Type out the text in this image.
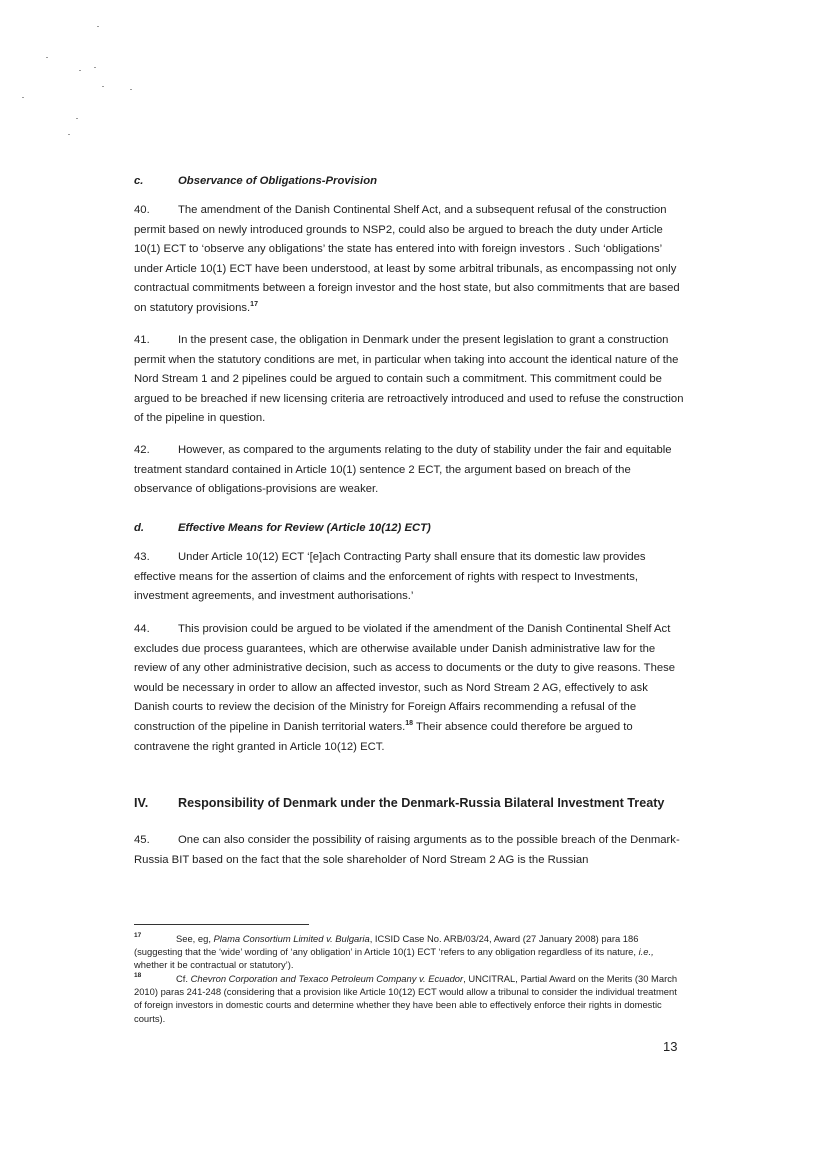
c.	Observance of Obligations-Provision

40.	The amendment of the Danish Continental Shelf Act, and a subsequent refusal of the construction permit based on newly introduced grounds to NSP2, could also be argued to breach the duty under Article 10(1) ECT to ‘observe any obligations’ the state has entered into with foreign investors . Such ‘obligations’ under Article 10(1) ECT have been understood, at least by some arbitral tribunals, as encompassing not only contractual commitments between a foreign investor and the host state, but also commitments that are based on statutory provisions.$^{17}$

41.	In the present case, the obligation in Denmark under the present legislation to grant a construction permit when the statutory conditions are met, in particular when taking into account the identical nature of the Nord Stream 1 and 2 pipelines could be argued to contain such a commitment. This commitment could be argued to be breached if new licensing criteria are retroactively introduced and used to refuse the construction of the pipeline in question.

42.	However, as compared to the arguments relating to the duty of stability under the fair and equitable treatment standard contained in Article 10(1) sentence 2 ECT, the argument based on breach of the observance of obligations-provisions are weaker.

d.	Effective Means for Review (Article 10(12) ECT)

43.	Under Article 10(12) ECT ‘[e]ach Contracting Party shall ensure that its domestic law provides effective means for the assertion of claims and the enforcement of rights with respect to Investments, investment agreements, and investment authorisations.’

44.	This provision could be argued to be violated if the amendment of the Danish Continental Shelf Act excludes due process guarantees, which are otherwise available under Danish administrative law for the review of any other administrative decision, such as access to documents or the duty to give reasons. These would be necessary in order to allow an affected investor, such as Nord Stream 2 AG, effectively to ask Danish courts to review the decision of the Ministry for Foreign Affairs recommending a refusal of the construction of the pipeline in Danish territorial waters.$^{18}$ Their absence could therefore be argued to contravene the right granted in Article 10(12) ECT.

IV. Responsibility of Denmark under the Denmark-Russia Bilateral Investment Treaty

45.	One can also consider the possibility of raising arguments as to the possible breach of the Denmark-Russia BIT based on the fact that the sole shareholder of Nord Stream 2 AG is the Russian

17	See, eg, Plama Consortium Limited v. Bulgaria, ICSID Case No. ARB/03/24, Award (27 January 2008) para 186 (suggesting that the ‘wide’ wording of ‘any obligation’ in Article 10(1) ECT ‘refers to any obligation regardless of its nature, i.e., whether it be contractual or statutory’).
18	Cf. Chevron Corporation and Texaco Petroleum Company v. Ecuador, UNCITRAL, Partial Award on the Merits (30 March 2010) paras 241-248 (considering that a provision like Article 10(12) ECT would allow a tribunal to consider the individual treatment of foreign investors in domestic courts and determine whether they have been able to effectively enforce their rights in domestic courts).
13
